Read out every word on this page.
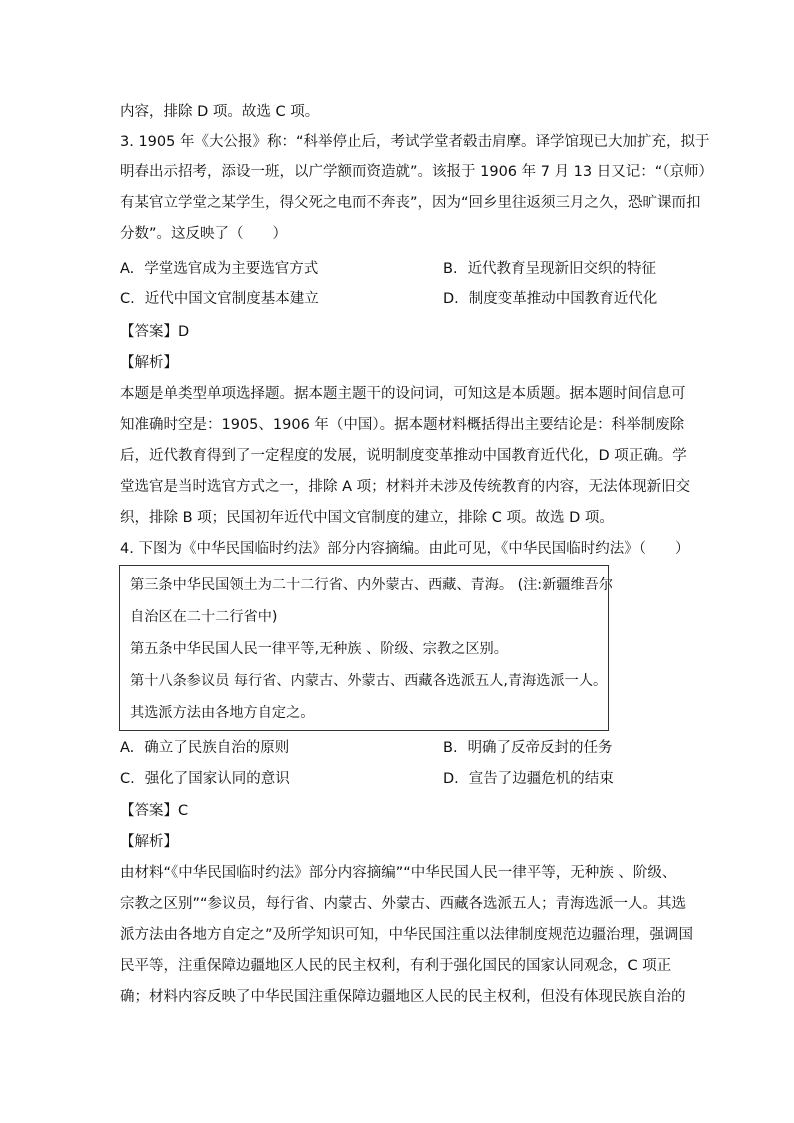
内容，排除 D 项。故选 C 项。
3. 1905 年《大公报》称：“科举停止后，考试学堂者毂击肩摩。译学馆现已大加扩充，拟于
明春出示招考，添设一班，以广学额而资造就”。该报于 1906 年 7 月 13 日又记：“（京师）
有某官立学堂之某学生，得父死之电而不奔丧”，因为“回乡里往返须三月之久，恐旷课而扣
分数”。这反映了（　　）
A. 学堂选官成为主要选官方式	B. 近代教育呈现新旧交织的特征
C. 近代中国文官制度基本建立	D. 制度变革推动中国教育近代化
【答案】D
【解析】
本题是单类型单项选择题。据本题主题干的设问词，可知这是本质题。据本题时间信息可
知准确时空是：1905、1906 年（中国）。据本题材料概括得出主要结论是：科举制废除
后，近代教育得到了一定程度的发展，说明制度变革推动中国教育近代化，D 项正确。学
堂选官是当时选官方式之一，排除 A 项；材料并未涉及传统教育的内容，无法体现新旧交
织，排除 B 项；民国初年近代中国文官制度的建立，排除 C 项。故选 D 项。
4. 下图为《中华民国临时约法》部分内容摘编。由此可见，《中华民国临时约法》（　　）
第三条中华民国领土为二十二行省、内外蒙古、西藏、青海。 (注:新疆维吾尔
自治区在二十二行省中)
第五条中华民国人民一律平等,无种族 、阶级、宗教之区别。
第十八条参议员 每行省、内蒙古、外蒙古、西藏各选派五人,青海选派一人。
其选派方法由各地方自定之。
A. 确立了民族自治的原则	B. 明确了反帝反封的任务
C. 强化了国家认同的意识	D. 宣告了边疆危机的结束
【答案】C
【解析】
由材料“《中华民国临时约法》部分内容摘编”“中华民国人民一律平等，无种族 、阶级、
宗教之区别”“参议员，每行省、内蒙古、外蒙古、西藏各选派五人；青海选派一人。其选
派方法由各地方自定之”及所学知识可知，中华民国注重以法律制度规范边疆治理，强调国
民平等，注重保障边疆地区人民的民主权利，有利于强化国民的国家认同观念，C 项正
确；材料内容反映了中华民国注重保障边疆地区人民的民主权利，但没有体现民族自治的
